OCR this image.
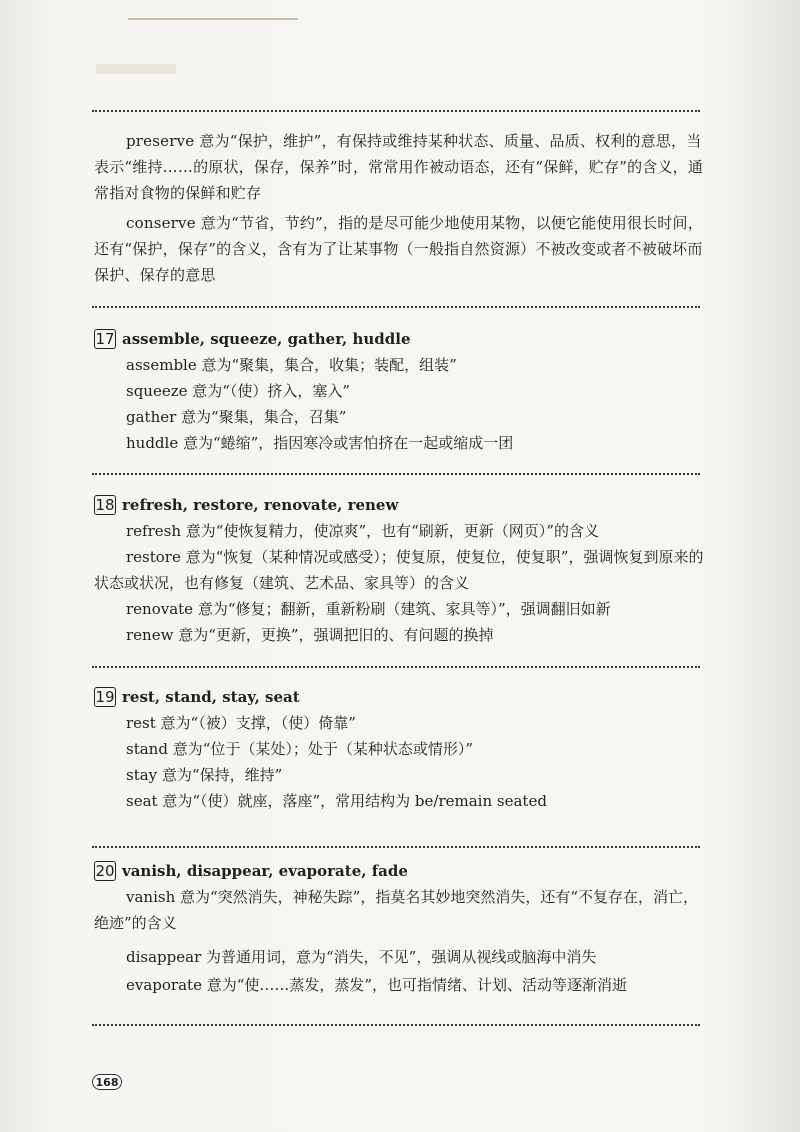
preserve 意为“保护，维护”，有保持或维持某种状态、质量、品质、权利的意思，当表示“维持……的原状，保存，保养”时，常常用作被动语态，还有“保鲜，贮存”的含义，通常指对食物的保鲜和贮存

conserve 意为“节省，节约”，指的是尽可能少地使用某物，以便它能使用很长时间，还有“保护，保存”的含义，含有为了让某事物（一般指自然资源）不被改变或者不被破坏而保护、保存的意思

17 assemble, squeeze, gather, huddle
assemble 意为“聚集，集合，收集；装配，组装”
squeeze 意为“（使）挤入，塞入”
gather 意为“聚集，集合，召集”
huddle 意为“蜷缩”，指因寒冷或害怕挤在一起或缩成一团
18 refresh, restore, renovate, renew
refresh 意为“使恢复精力，使凉爽”，也有“刷新，更新（网页）”的含义
restore 意为“恢复（某种情况或感受）；使复原，使复位，使复职”，强调恢复到原来的状态或状况，也有修复（建筑、艺术品、家具等）的含义
renovate 意为“修复；翻新，重新粉刷（建筑、家具等）”，强调翻旧如新
renew 意为“更新，更换”，强调把旧的、有问题的换掉
19 rest, stand, stay, seat
rest 意为“（被）支撑，（使）倚靠”
stand 意为“位于（某处）；处于（某种状态或情形）”
stay 意为“保持，维持”
seat 意为“（使）就座，落座”，常用结构为 be/remain seated
20 vanish, disappear, evaporate, fade
vanish 意为“突然消失，神秘失踪”，指莫名其妙地突然消失，还有“不复存在，消亡，绝迹”的含义
disappear 为普通用词，意为“消失，不见”，强调从视线或脑海中消失
evaporate 意为“使……蒸发，蒸发”，也可指情绪、计划、活动等逐渐消逝
168
